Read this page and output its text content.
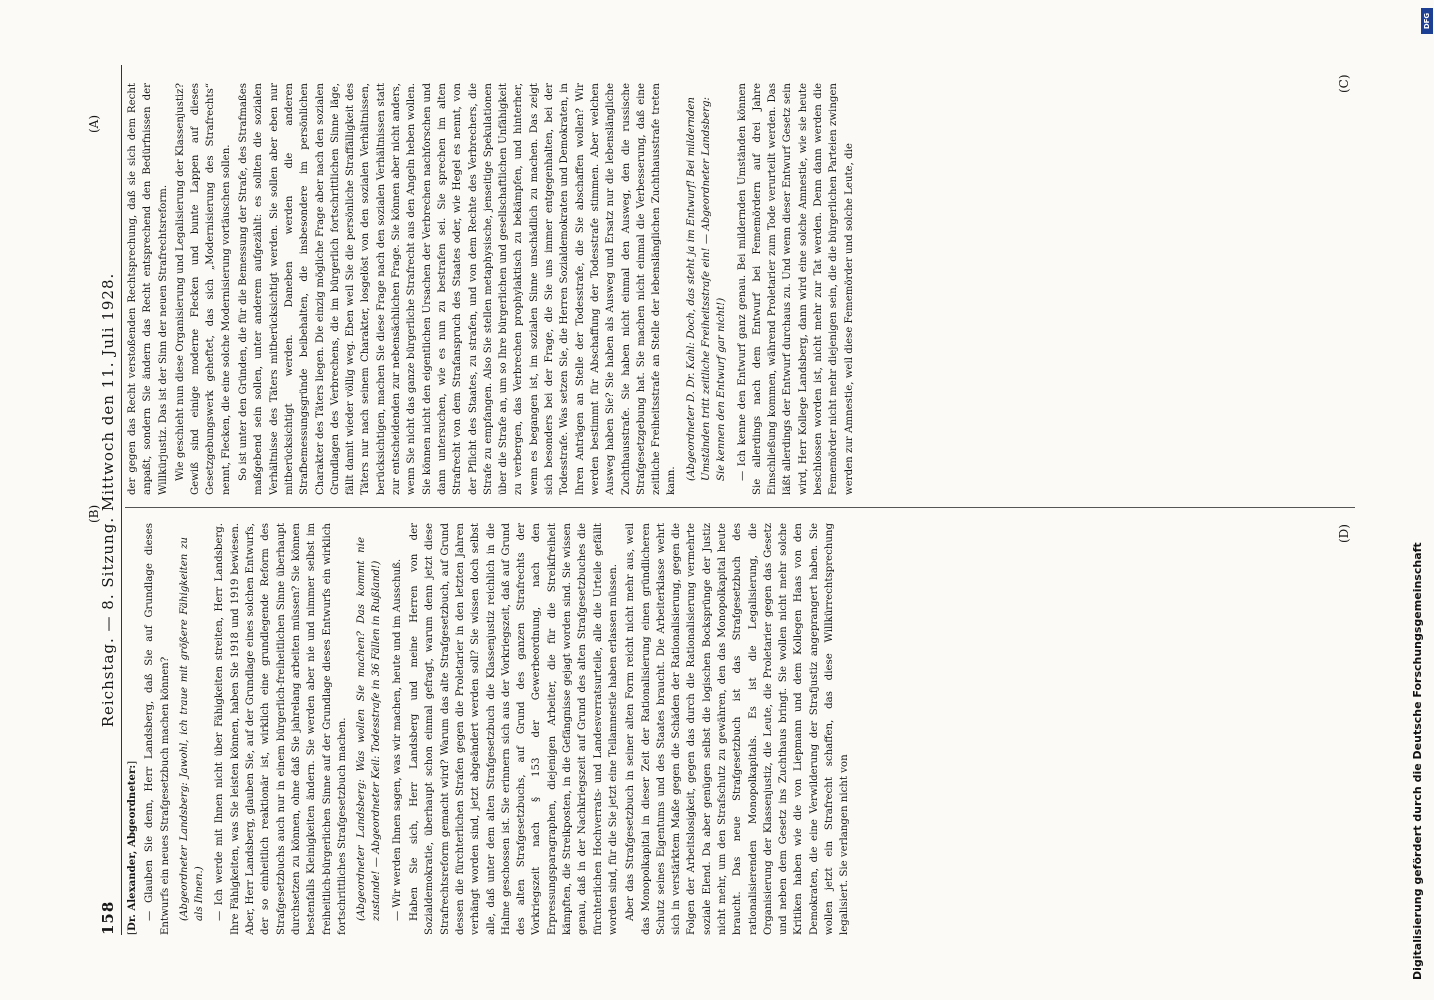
158
Reichstag. — 8. Sitzung. Mittwoch den 11. Juli 1928.
(A)
(B)
(C)
(D)

[Dr. Alexander, Abgeordneter:] — Glauben Sie denn, Herr Landsberg, daß Sie auf Grundlage dieses Entwurfs ein neues Strafgesetzbuch machen können? (Abgeordneter Landsberg: Jawohl, ich traue mit größere Fähigkeiten zu als Ihnen.) — Ich werde mit Ihnen nicht über Fähigkeiten streiten, Herr Landsberg. Ihre Fähigkeiten, was Sie leisten können, haben Sie 1918 und 1919 bewiesen. Aber, Herr Landsberg, glauben Sie, auf der Grundlage eines solchen Entwurfs, der so einheitlich reaktionär ist, wirklich eine grundlegende Reform des Strafgesetzbuchs auch nur in einem bürgerlich-freiheitlichen Sinne überhaupt durchsetzen zu können, ohne daß Sie jahrelang arbeiten müssen? Sie können bestenfalls Kleinigkeiten ändern. Sie werden aber nie und nimmer selbst im freiheitlich-bürgerlichen Sinne auf der Grundlage dieses Entwurfs ein wirklich fortschrittliches Strafgesetzbuch machen. (Abgeordneter Landsberg: Was wollen Sie machen? Das kommt nie zustande! — Abgeordneter Keil: Todesstrafe in 36 Fällen in Rußland!) — Wir werden Ihnen sagen, was wir machen, heute und im Ausschuß. Haben Sie sich, Herr Landsberg und meine Herren von der Sozialdemokratie, überhaupt schon einmal gefragt, warum denn jetzt diese Strafrechtsreform gemacht wird? Warum das alte Strafgesetzbuch, auf Grund dessen die fürchterlichen Strafen gegen die Proletarier in den letzten Jahren verhängt worden sind, jetzt abgeändert werden soll? Sie wissen doch selbst alle, daß unter dem alten Strafgesetzbuch die Klassenjustiz reichlich in die Halme geschossen ist. Sie erinnern sich aus der Vorkriegszeit, daß auf Grund des alten Strafgesetzbuchs, auf Grund des ganzen Strafrechts der Vorkriegszeit nach § 153 der Gewerbeordnung, nach den Erpressungsparagraphen, diejenigen Arbeiter, die für die Streikfreiheit kämpften, die Streikposten, in die Gefängnisse gejagt worden sind. Sie wissen genau, daß in der Nachkriegszeit auf Grund des alten Strafgesetzbuches die fürchterlichen Hochverrats- und Landesverratsurteile, alle die Urteile gefällt worden sind, für die Sie jetzt eine Teilamnestie haben erlassen müssen. Aber das Strafgesetzbuch in seiner alten Form reicht nicht mehr aus, weil das Monopolkapital in dieser Zeit der Rationalisierung einen gründlicheren Schutz seines Eigentums und des Staates braucht. Die Arbeiterklasse wehrt sich in verstärktem Maße gegen die Schäden der Rationalisierung, gegen die Folgen der Arbeitslosigkeit, gegen das durch die Rationalisierung vermehrte soziale Elend. Da aber genügen selbst die logischen Bocksprünge der Justiz nicht mehr, um den Strafschutz zu gewähren, den das Monopolkapital heute braucht. Das neue Strafgesetzbuch ist das Strafgesetzbuch des rationalisierenden Monopolkapitals. Es ist die Legalisierung, die Organisierung der Klassenjustiz, die Leute, die Proletarier gegen das Gesetz und neben dem Gesetz ins Zuchthaus bringt. Sie wollen nicht mehr solche Kritiken haben wie die von Liepmann und dem Kollegen Haas von den Demokraten, die eine Verwilderung der Strafjustiz angeprangert haben. Sie wollen jetzt ein Strafrecht schaffen, das diese Willkürrechtsprechung legalisiert. Sie verlangen nicht von

der gegen das Recht verstoßenden Rechtsprechung, daß sie sich dem Recht anpaßt, sondern Sie ändern das Recht entsprechend den Bedürfnissen der Willkürjustiz. Das ist der Sinn der neuen Strafrechtsreform. Wie geschieht nun diese Organisierung und Legalisierung der Klassenjustiz? Gewiß sind einige moderne Flecken und bunte Lappen auf dieses Gesetzgebungswerk geheftet, das sich „Modernisierung des Strafrechts“ nennt, Flecken, die eine solche Modernisierung vortäuschen sollen. So ist unter den Gründen, die für die Bemessung der Strafe, des Strafmaßes maßgebend sein sollen, unter anderem aufgezählt: es sollten die sozialen Verhältnisse des Täters mitberücksichtigt werden. Sie sollen aber eben nur mitberücksichtigt werden. Daneben werden die anderen Strafbemessungsgründe beibehalten, die insbesondere im persönlichen Charakter des Täters liegen. Die einzig mögliche Frage aber nach den sozialen Grundlagen des Verbrechens, die im bürgerlich fortschrittlichen Sinne läge, fällt damit wieder völlig weg. Eben weil Sie die persönliche Straffälligkeit des Täters nur nach seinem Charakter, losgelöst von den sozialen Verhältnissen, berücksichtigen, machen Sie diese Frage nach den sozialen Verhältnissen statt zur entscheidenden zur nebensächlichen Frage. Sie können aber nicht anders, wenn Sie nicht das ganze bürgerliche Strafrecht aus den Angeln heben wollen. Sie können nicht den eigentlichen Ursachen der Verbrechen nachforschen und dann untersuchen, wie es nun zu bestrafen sei. Sie sprechen im alten Strafrecht von dem Strafanspruch des Staates oder, wie Hegel es nennt, von der Pflicht des Staates, zu strafen, und von dem Rechte des Verbrechers, die Strafe zu empfangen. Also Sie stellen metaphysische, jenseitige Spekulationen über die Strafe an, um so Ihre bürgerlichen und gesellschaftlichen Unfähigkeit zu verbergen, das Verbrechen prophylaktisch zu bekämpfen, und hinterher, wenn es begangen ist, im sozialen Sinne unschädlich zu machen. Das zeigt sich besonders bei der Frage, die Sie uns immer entgegenhalten, bei der Todesstrafe. Was setzen Sie, die Herren Sozialdemokraten und Demokraten, in Ihren Anträgen an Stelle der Todesstrafe, die Sie abschaffen wollen? Wir werden bestimmt für Abschaffung der Todesstrafe stimmen. Aber welchen Ausweg haben Sie? Sie haben als Ausweg und Ersatz nur die lebenslängliche Zuchthausstrafe. Sie haben nicht einmal den Ausweg, den die russische Strafgesetzgebung hat. Sie machen nicht einmal die Verbesserung, daß eine zeitliche Freiheitsstrafe an Stelle der lebenslänglichen Zuchthausstrafe treten kann. (Abgeordneter D. Dr. Kahl: Doch, das steht ja im Entwurf! Bei mildernden Umständen tritt zeitliche Freiheitsstrafe ein! — Abgeordneter Landsberg: Sie kennen den Entwurf gar nicht!) — Ich kenne den Entwurf ganz genau. Bei mildernden Umständen können Sie allerdings nach dem Entwurf bei Fememördern auf drei Jahre Einschließung kommen, während Proletarier zum Tode verurteilt werden. Das läßt allerdings der Entwurf durchaus zu. Und wenn dieser Entwurf Gesetz sein wird, Herr Kollege Landsberg, dann wird eine solche Amnestie, wie sie heute beschlossen worden ist, nicht mehr zur Tat werden. Denn dann werden die Fememörder nicht mehr diejenigen sein, die die bürgerlichen Parteien zwingen werden zur Amnestie, weil diese Fememörder und solche Leute, die

Digitalisierung gefördert durch die Deutsche Forschungsgemeinschaft
DFG
